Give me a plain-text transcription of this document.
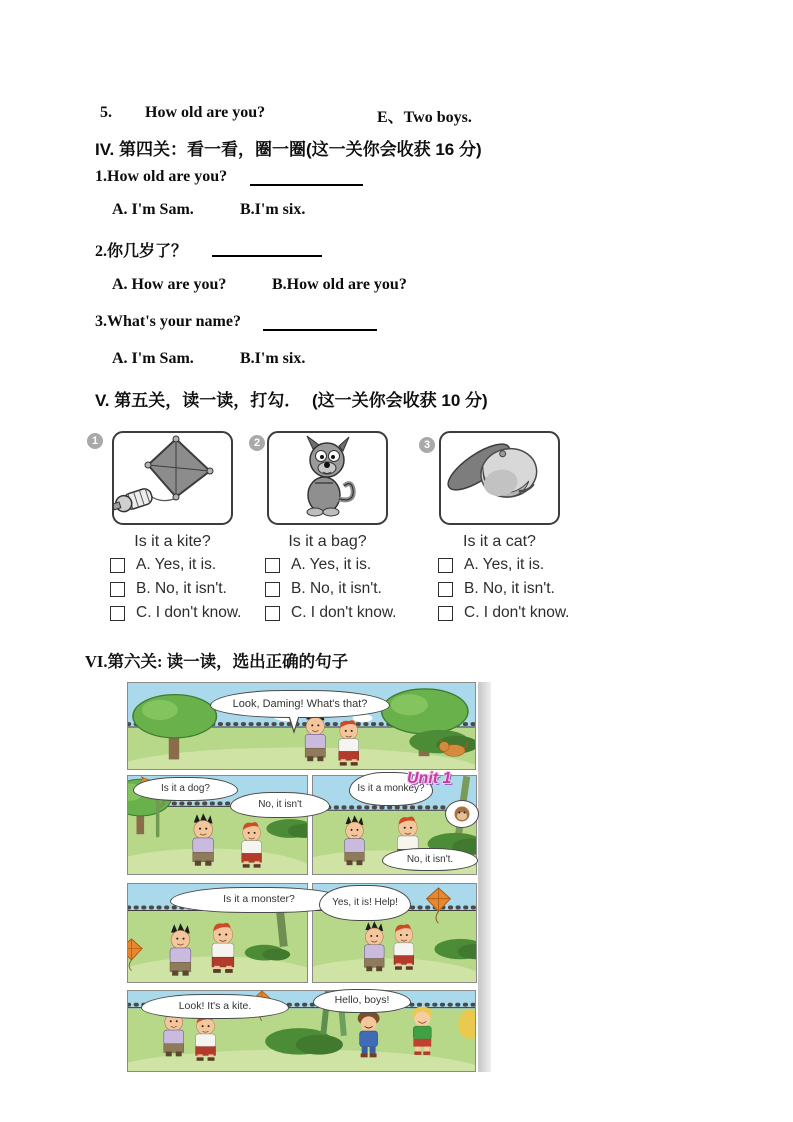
5. How old are you?	E、Two boys.
IV. 第四关：看一看，圈一圈(这一关你会收获 16 分)
1.How old are you?
A. I'm Sam.	B.I'm six.
2.你几岁了？
A. How are you?	B.How old are you?
3.What's your name?
A. I'm Sam.	B.I'm six.
V. 第五关，读一读，打勾． (这一关你会收获 10 分)
1
Is it a kite?
A. Yes, it is.
B. No, it isn't.
C. I don't know.
2
Is it a bag?
A. Yes, it is.
B. No, it isn't.
C. I don't know.
3
Is it a cat?
A. Yes, it is.
B. No, it isn't.
C. I don't know.
VI.第六关: 读一读，选出正确的句子
Look, Daming! What's that?
Is it a dog?
No, it isn't
Is it a monkey?
No, it isn't.
Is it a monster?	Yes, it is! Help!
Look! It's a kite.	Hello, boys!
Unit 1
